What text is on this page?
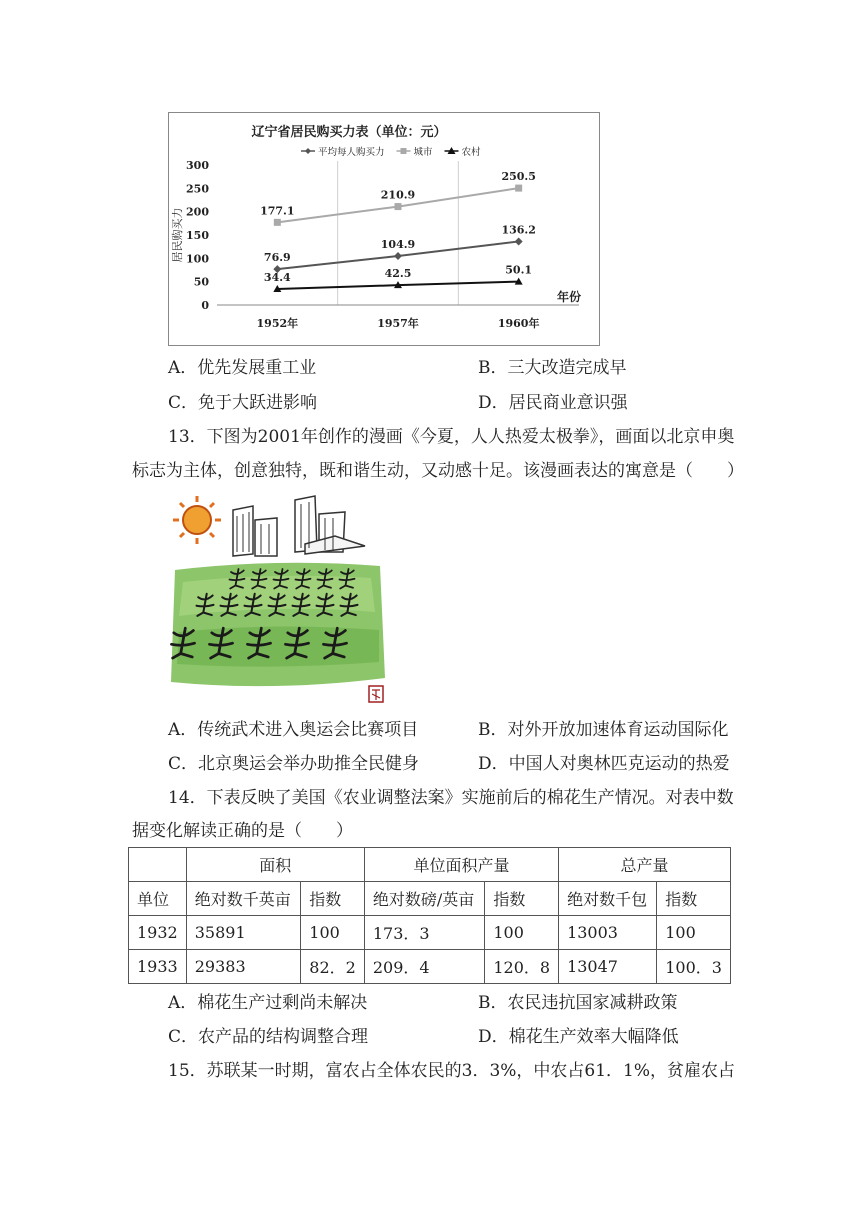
辽宁省居民购买力表（单位：元）
平均每人购买力	城市	农村
0
50
100
150
200
250
300
居民购买力
年份
1952年	1957年	1960年
76.9
104.9
136.2
177.1
210.9
250.5
34.4	42.5	50.1
A．优先发展重工业	B．三大改造完成早
C．免于大跃进影响	D．居民商业意识强
13．下图为2001年创作的漫画《今夏，人人热爱太极拳》，画面以北京申奥
标志为主体，创意独特，既和谐生动，又动感十足。该漫画表达的寓意是（　　）
A．传统武术进入奥运会比赛项目	B．对外开放加速体育运动国际化
C．北京奥运会举办助推全民健身	D．中国人对奥林匹克运动的热爱
14．下表反映了美国《农业调整法案》实施前后的棉花生产情况。对表中数
据变化解读正确的是（　　）
	面积		单位面积产量		总产量	
单位	绝对数千英亩	指数	绝对数磅/英亩	指数	绝对数千包	指数
1932	35891	100	173．3	100	13003	100
1933	29383	82．2	209．4	120．8	13047	100．3
A．棉花生产过剩尚未解决	B．农民违抗国家减耕政策
C．农产品的结构调整合理	D．棉花生产效率大幅降低
15．苏联某一时期，富农占全体农民的3．3%，中农占61．1%，贫雇农占
